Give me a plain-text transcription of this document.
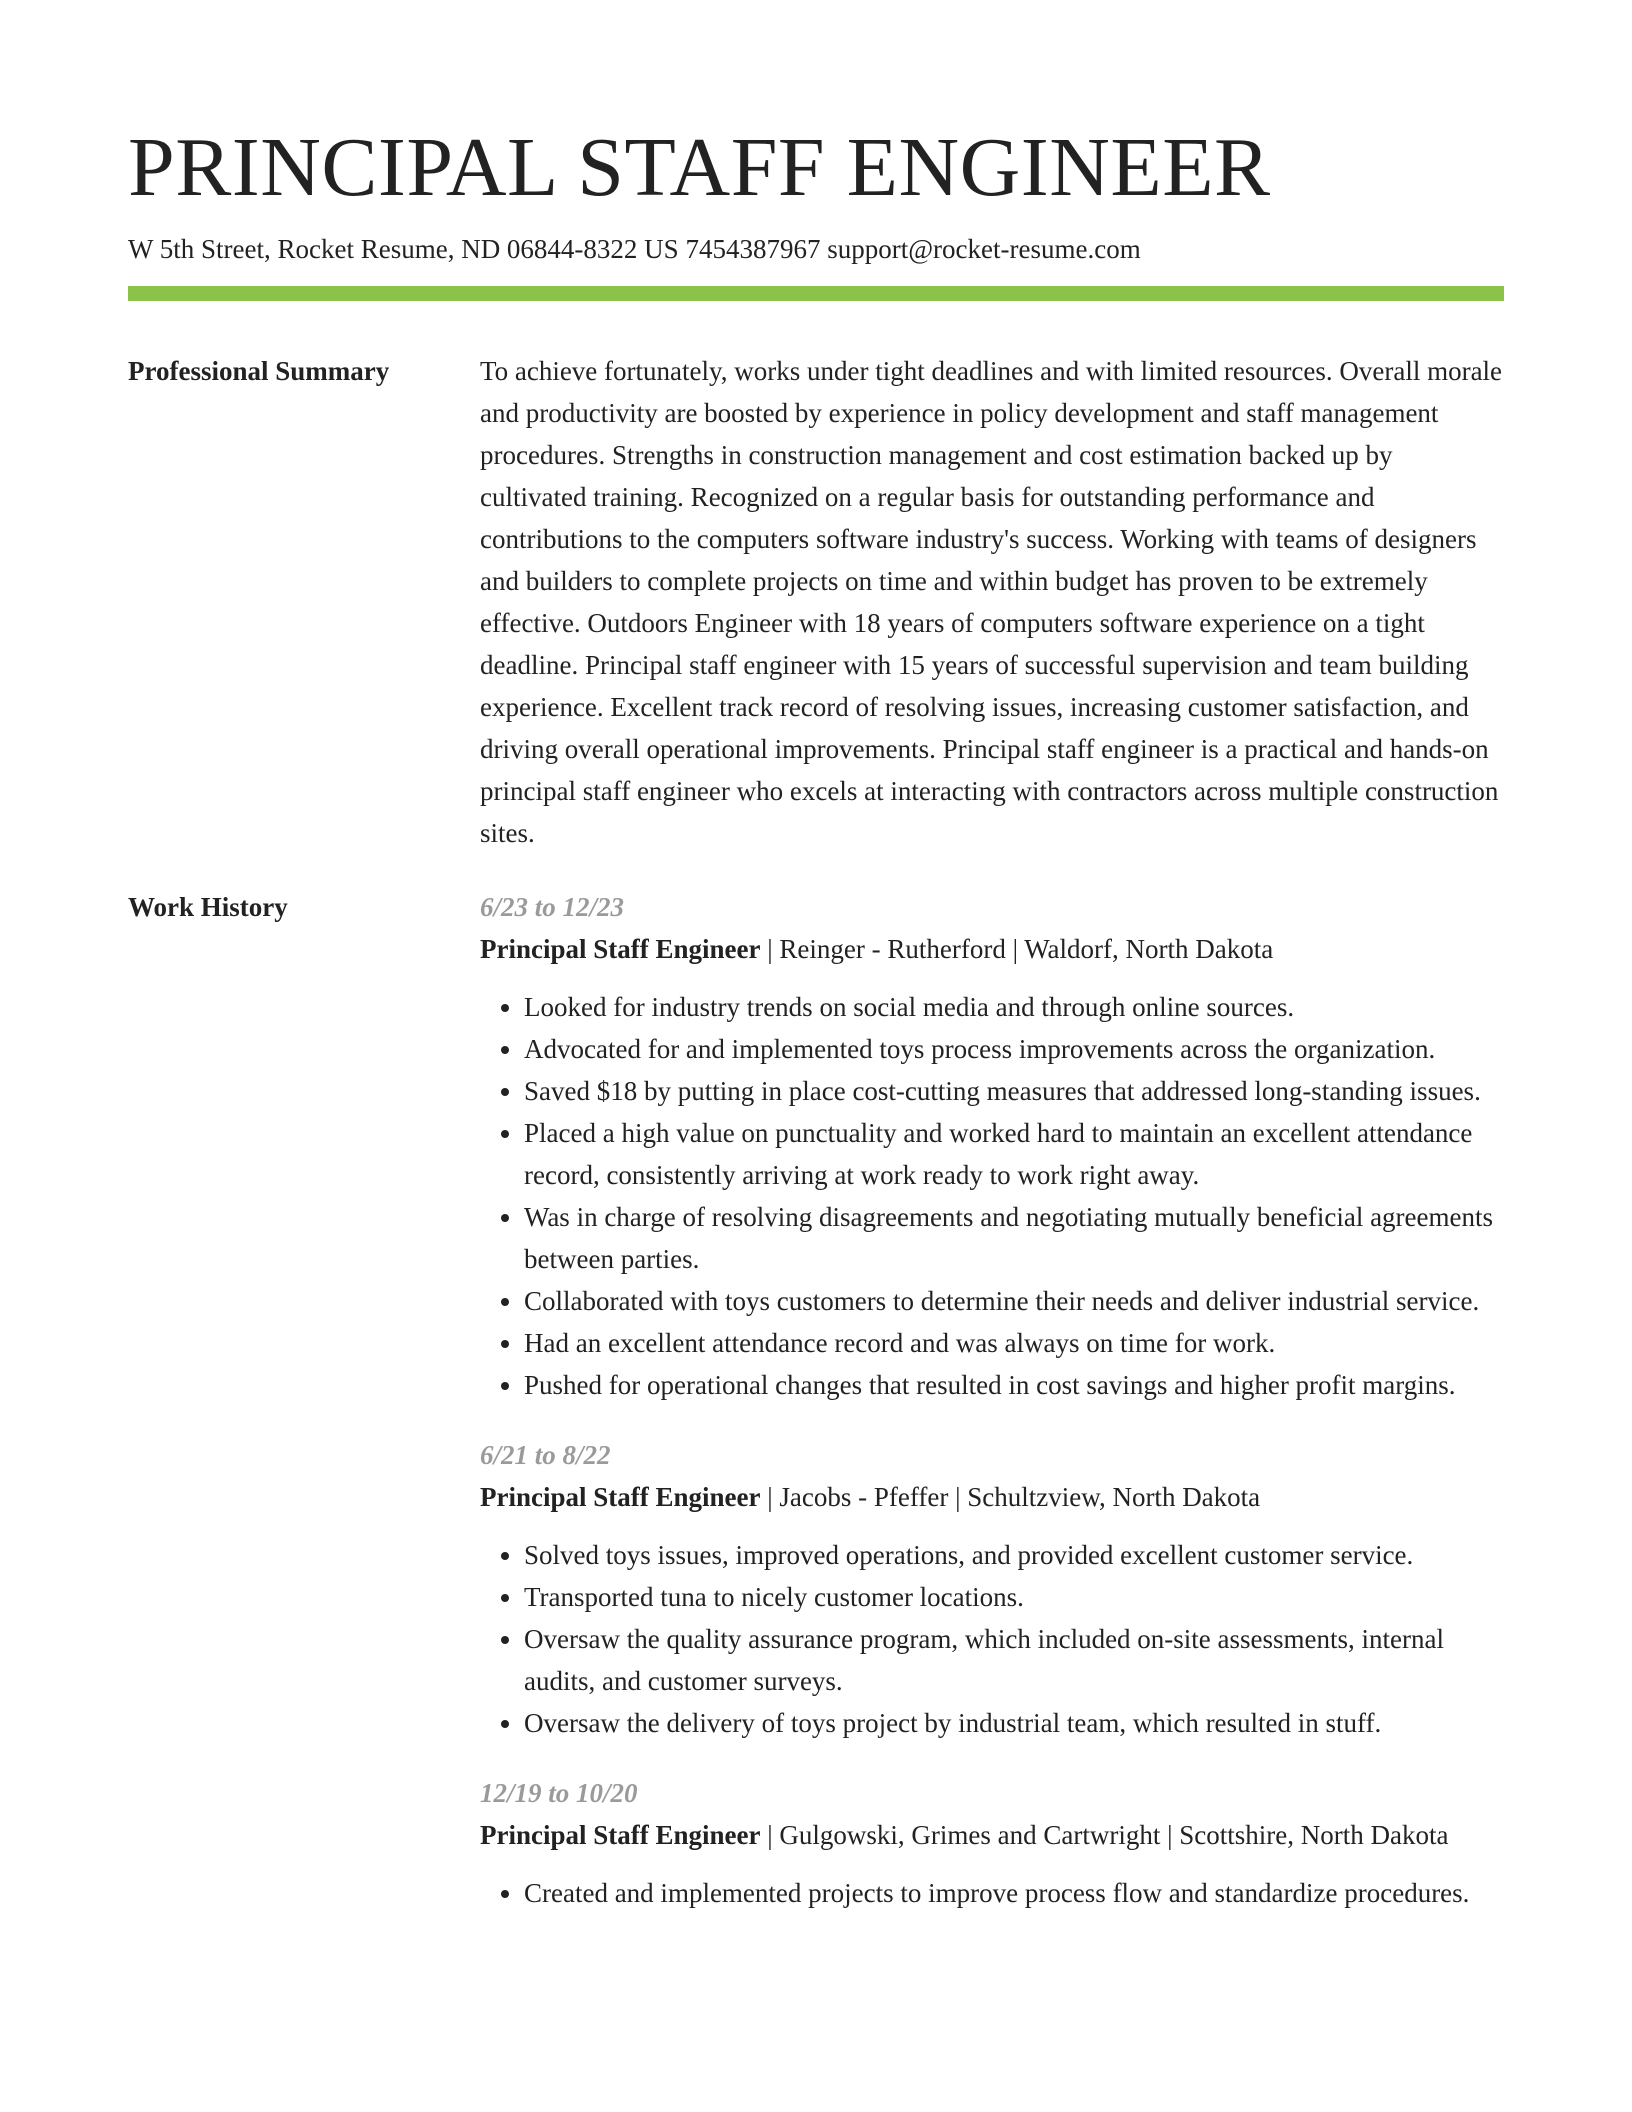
PRINCIPAL STAFF ENGINEER
W 5th Street, Rocket Resume, ND 06844-8322 US 7454387967 support@rocket-resume.com
Professional Summary	To achieve fortunately, works under tight deadlines and with limited resources. Overall morale and productivity are boosted by experience in policy development and staff management procedures. Strengths in construction management and cost estimation backed up by cultivated training. Recognized on a regular basis for outstanding performance and contributions to the computers software industry's success. Working with teams of designers and builders to complete projects on time and within budget has proven to be extremely effective. Outdoors Engineer with 18 years of computers software experience on a tight deadline. Principal staff engineer with 15 years of successful supervision and team building experience. Excellent track record of resolving issues, increasing customer satisfaction, and driving overall operational improvements. Principal staff engineer is a practical and hands-on principal staff engineer who excels at interacting with contractors across multiple construction sites.

Work History	6/23 to 12/23
Principal Staff Engineer | Reinger - Rutherford | Waldorf, North Dakota
• Looked for industry trends on social media and through online sources.
• Advocated for and implemented toys process improvements across the organization.
• Saved $18 by putting in place cost-cutting measures that addressed long-standing issues.
• Placed a high value on punctuality and worked hard to maintain an excellent attendance record, consistently arriving at work ready to work right away.
• Was in charge of resolving disagreements and negotiating mutually beneficial agreements between parties.
• Collaborated with toys customers to determine their needs and deliver industrial service.
• Had an excellent attendance record and was always on time for work.
• Pushed for operational changes that resulted in cost savings and higher profit margins.
6/21 to 8/22
Principal Staff Engineer | Jacobs - Pfeffer | Schultzview, North Dakota
• Solved toys issues, improved operations, and provided excellent customer service.
• Transported tuna to nicely customer locations.
• Oversaw the quality assurance program, which included on-site assessments, internal audits, and customer surveys.
• Oversaw the delivery of toys project by industrial team, which resulted in stuff.
12/19 to 10/20
Principal Staff Engineer | Gulgowski, Grimes and Cartwright | Scottshire, North Dakota
• Created and implemented projects to improve process flow and standardize procedures.
